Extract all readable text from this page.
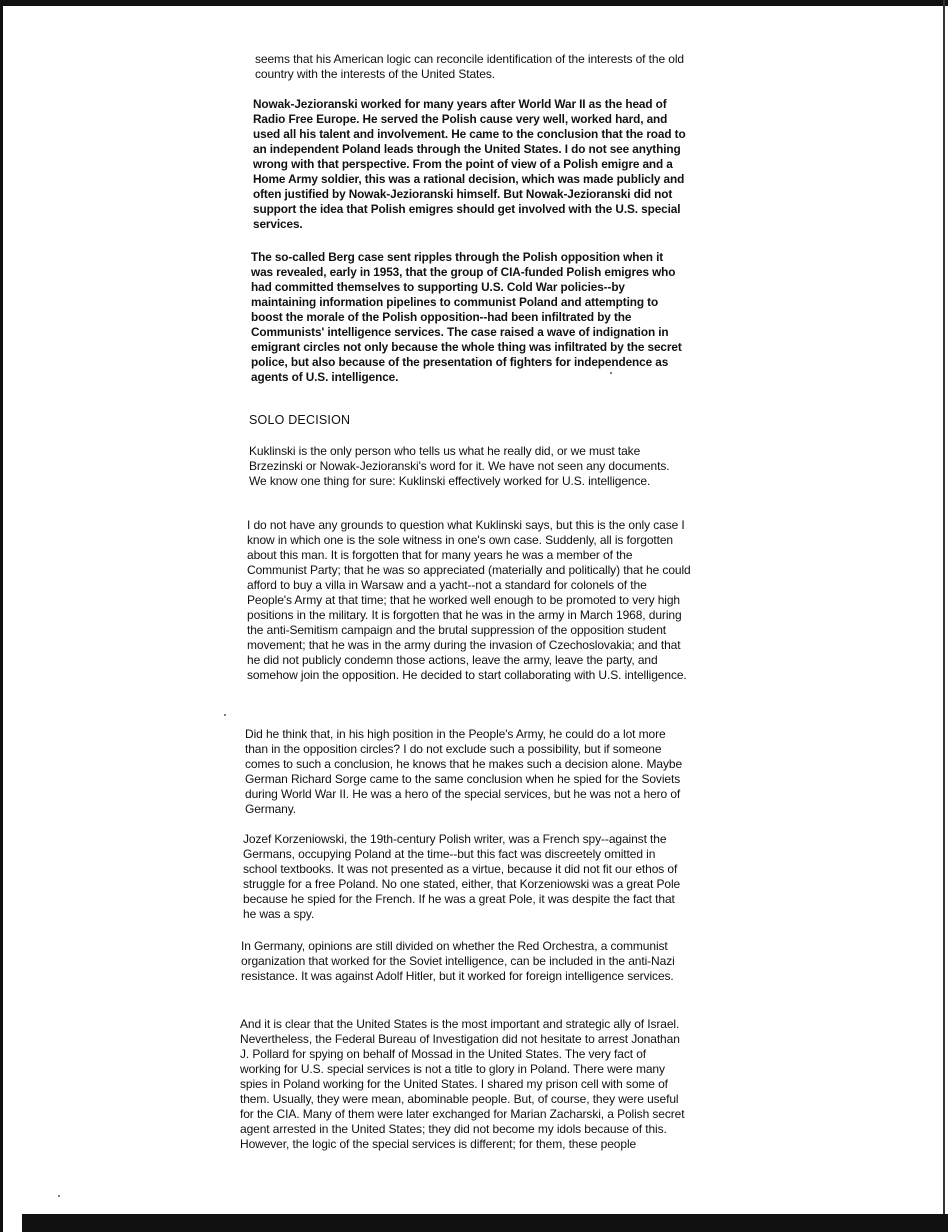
seems that his American logic can reconcile identification of the interests of the old country with the interests of the United States.

Nowak-Jezioranski worked for many years after World War II as the head of Radio Free Europe. He served the Polish cause very well, worked hard, and used all his talent and involvement. He came to the conclusion that the road to an independent Poland leads through the United States. I do not see anything wrong with that perspective. From the point of view of a Polish emigre and a Home Army soldier, this was a rational decision, which was made publicly and often justified by Nowak-Jezioranski himself. But Nowak-Jezioranski did not support the idea that Polish emigres should get involved with the U.S. special services.

The so-called Berg case sent ripples through the Polish opposition when it was revealed, early in 1953, that the group of CIA-funded Polish emigres who had committed themselves to supporting U.S. Cold War policies--by maintaining information pipelines to communist Poland and attempting to boost the morale of the Polish opposition--had been infiltrated by the Communists' intelligence services. The case raised a wave of indignation in emigrant circles not only because the whole thing was infiltrated by the secret police, but also because of the presentation of fighters for independence as agents of U.S. intelligence.

SOLO DECISION

Kuklinski is the only person who tells us what he really did, or we must take Brzezinski or Nowak-Jezioranski's word for it. We have not seen any documents. We know one thing for sure: Kuklinski effectively worked for U.S. intelligence.

I do not have any grounds to question what Kuklinski says, but this is the only case I know in which one is the sole witness in one's own case. Suddenly, all is forgotten about this man. It is forgotten that for many years he was a member of the Communist Party; that he was so appreciated (materially and politically) that he could afford to buy a villa in Warsaw and a yacht--not a standard for colonels of the People's Army at that time; that he worked well enough to be promoted to very high positions in the military. It is forgotten that he was in the army in March 1968, during the anti-Semitism campaign and the brutal suppression of the opposition student movement; that he was in the army during the invasion of Czechoslovakia; and that he did not publicly condemn those actions, leave the army, leave the party, and somehow join the opposition. He decided to start collaborating with U.S. intelligence.

Did he think that, in his high position in the People's Army, he could do a lot more than in the opposition circles? I do not exclude such a possibility, but if someone comes to such a conclusion, he knows that he makes such a decision alone. Maybe German Richard Sorge came to the same conclusion when he spied for the Soviets during World War II. He was a hero of the special services, but he was not a hero of Germany.

Jozef Korzeniowski, the 19th-century Polish writer, was a French spy--against the Germans, occupying Poland at the time--but this fact was discreetely omitted in school textbooks. It was not presented as a virtue, because it did not fit our ethos of struggle for a free Poland. No one stated, either, that Korzeniowski was a great Pole because he spied for the French. If he was a great Pole, it was despite the fact that he was a spy.

In Germany, opinions are still divided on whether the Red Orchestra, a communist organization that worked for the Soviet intelligence, can be included in the anti-Nazi resistance. It was against Adolf Hitler, but it worked for foreign intelligence services.

And it is clear that the United States is the most important and strategic ally of Israel. Nevertheless, the Federal Bureau of Investigation did not hesitate to arrest Jonathan J. Pollard for spying on behalf of Mossad in the United States. The very fact of working for U.S. special services is not a title to glory in Poland. There were many spies in Poland working for the United States. I shared my prison cell with some of them. Usually, they were mean, abominable people. But, of course, they were useful for the CIA. Many of them were later exchanged for Marian Zacharski, a Polish secret agent arrested in the United States; they did not become my idols because of this. However, the logic of the special services is different; for them, these people
